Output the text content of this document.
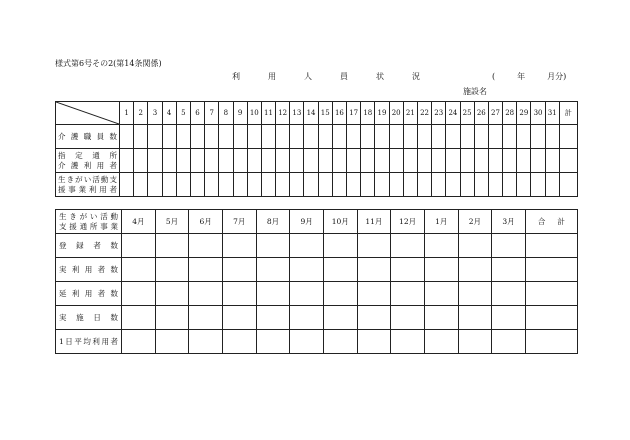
様式第6号その2(第14条関係)
利	用	人	員	状	況	(	年	月分)
施設名
	1	2	3	4	5	6	7	8	9	10	11	12	13	14	15	16	17	18	19	20	21	22	23	24	25	26	27	28	29	30	31	計

介護職員数																																

指定通所
介護利用者																																

生きがい活動支
援事業利用者																																

生きがい活動
支援通所事業	4月	5月	6月	7月	8月	9月	10月	11月	12月	1月	2月	3月	合計
登録者数													
実利用者数													
延利用者数													
実施日数													
1日平均利用者													
